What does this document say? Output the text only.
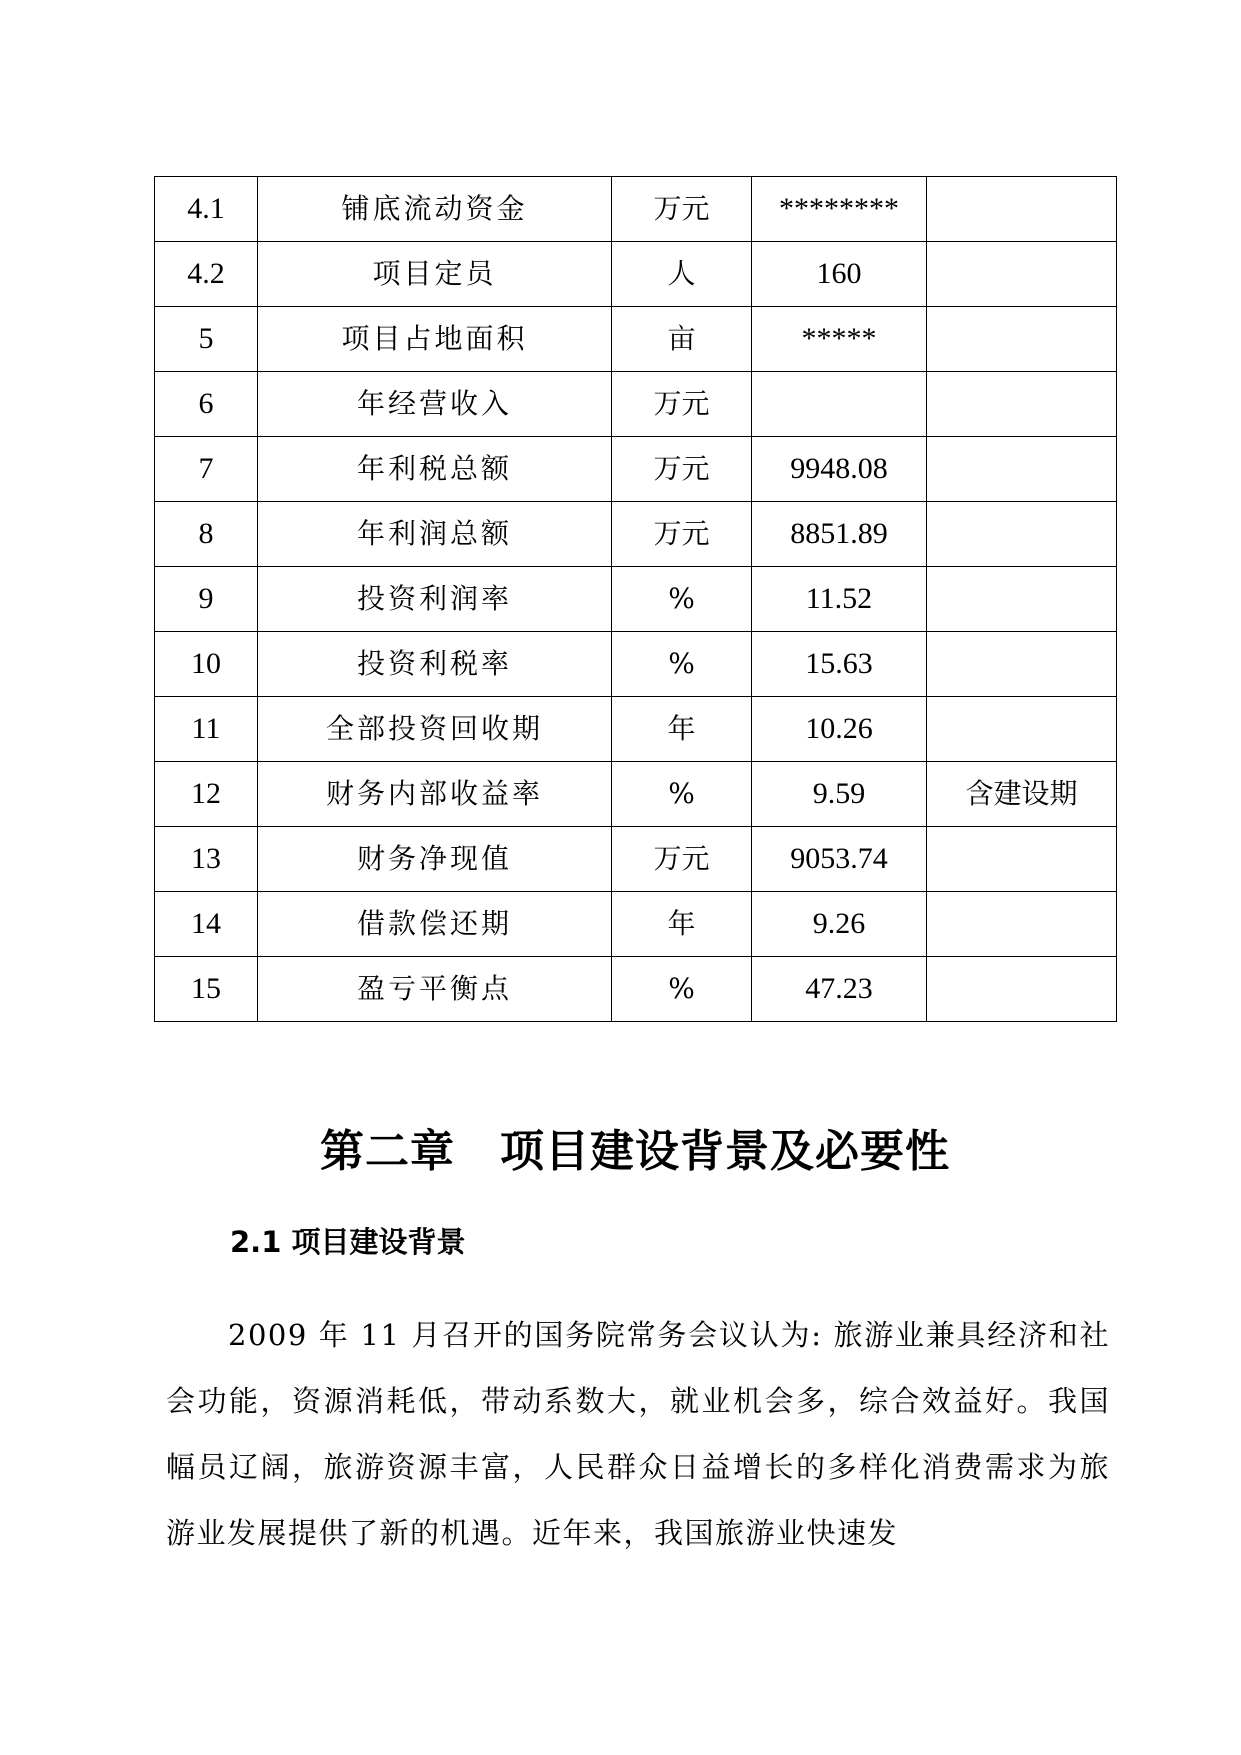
4.1	铺底流动资金	万元	********	
4.2	项目定员	人	160	
5	项目占地面积	亩	*****	
6	年经营收入	万元		
7	年利税总额	万元	9948.08	
8	年利润总额	万元	8851.89	
9	投资利润率	%	11.52	
10	投资利税率	%	15.63	
11	全部投资回收期	年	10.26	
12	财务内部收益率	%	9.59	含建设期
13	财务净现值	万元	9053.74	
14	借款偿还期	年	9.26	
15	盈亏平衡点	%	47.23	
第二章　项目建设背景及必要性
2.1 项目建设背景

2009 年 11 月召开的国务院常务会议认为: 旅游业兼具经济和社会功能，资源消耗低，带动系数大，就业机会多，综合效益好。我国幅员辽阔，旅游资源丰富，人民群众日益增长的多样化消费需求为旅游业发展提供了新的机遇。近年来，我国旅游业快速发
